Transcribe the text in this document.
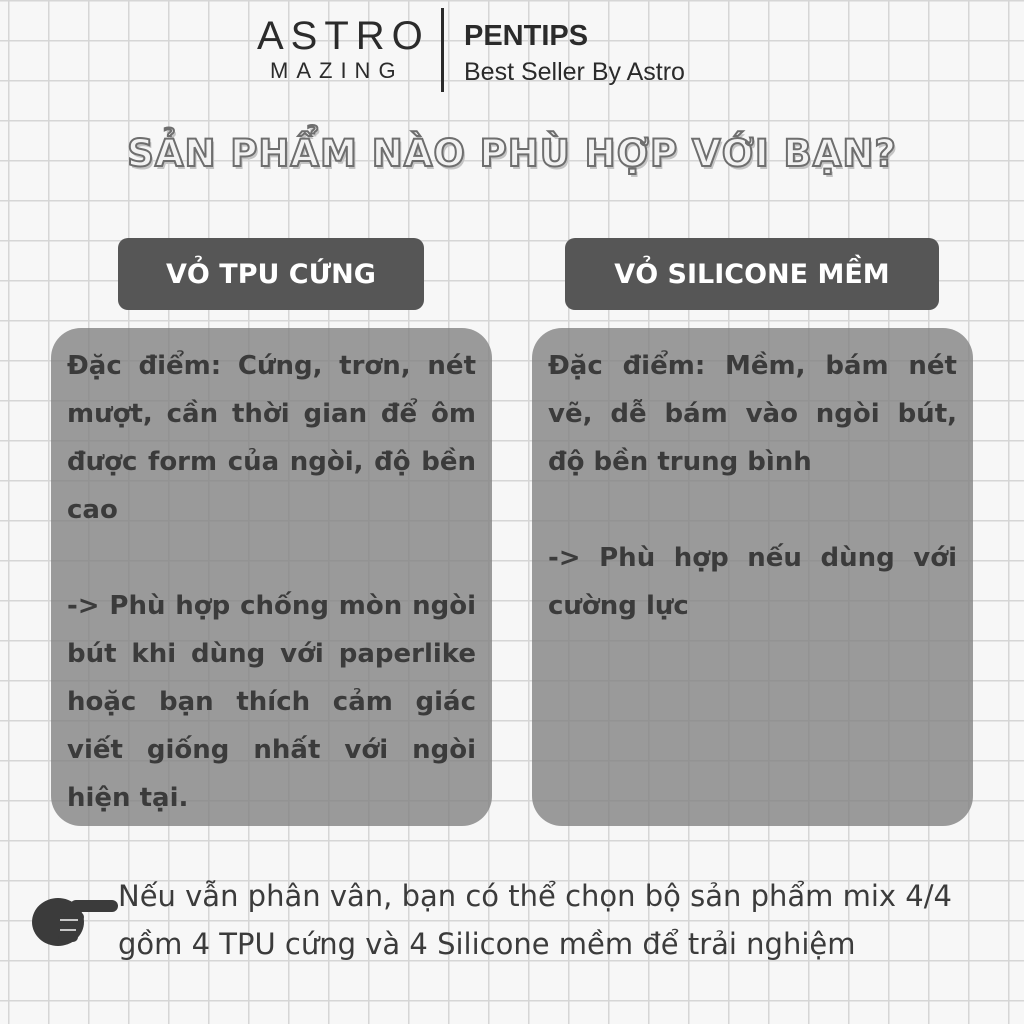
ASTRO
MAZING
PENTIPS
Best Seller By Astro
SẢN PHẨM NÀO PHÙ HỢP VỚI BẠN?
VỎ TPU CỨNG	VỎ SILICONE MỀM

Đặc điểm: Cứng, trơn, nét mượt, cần thời gian để ôm được form của ngòi, độ bền cao

-> Phù hợp chống mòn ngòi bút khi dùng với paperlike hoặc bạn thích cảm giác viết giống nhất với ngòi hiện tại.

Đặc điểm: Mềm, bám nét vẽ, dễ bám vào ngòi bút, độ bền trung bình

-> Phù hợp nếu dùng với cường lực

Nếu vẫn phân vân, bạn có thể chọn bộ sản phẩm mix 4/4 gồm 4 TPU cứng và 4 Silicone mềm để trải nghiệm
